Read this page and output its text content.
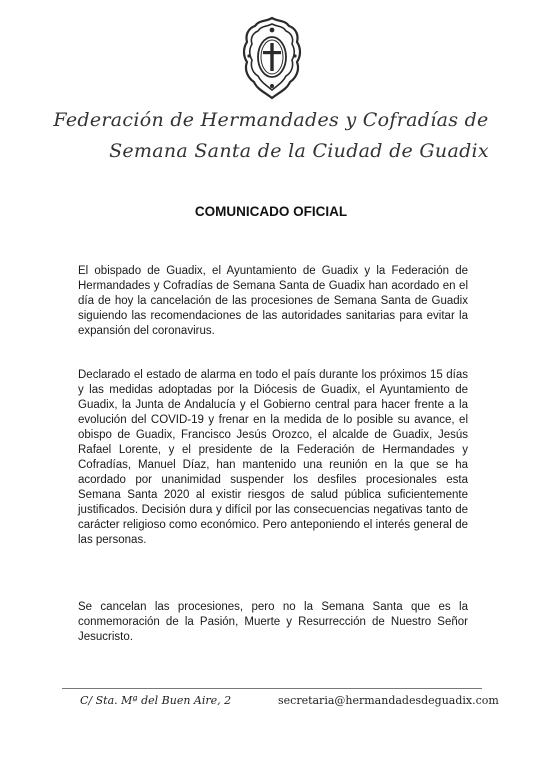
Federación de Hermandades y Cofradías de
Semana Santa de la Ciudad de Guadix
COMUNICADO OFICIAL

El obispado de Guadix, el Ayuntamiento de Guadix y la Federación de Hermandades y Cofradías de Semana Santa de Guadix han acordado en el día de hoy la cancelación de las procesiones de Semana Santa de Guadix siguiendo las recomendaciones de las autoridades sanitarias para evitar la expansión del coronavirus.

Declarado el estado de alarma en todo el país durante los próximos 15 días y las medidas adoptadas por la Diócesis de Guadix, el Ayuntamiento de Guadix, la Junta de Andalucía y el Gobierno central para hacer frente a la evolución del COVID-19 y frenar en la medida de lo posible su avance, el obispo de Guadix, Francisco Jesús Orozco, el alcalde de Guadix, Jesús Rafael Lorente, y el presidente de la Federación de Hermandades y Cofradías, Manuel Díaz, han mantenido una reunión en la que se ha acordado por unanimidad suspender los desfiles procesionales esta Semana Santa 2020 al existir riesgos de salud pública suficientemente justificados. Decisión dura y difícil por las consecuencias negativas tanto de carácter religioso como económico. Pero anteponiendo el interés general de las personas.

Se cancelan las procesiones, pero no la Semana Santa que es la conmemoración de la Pasión, Muerte y Resurrección de Nuestro Señor Jesucristo.

C/ Sta. Mª del Buen Aire, 2	secretaria@hermandadesdeguadix.com
